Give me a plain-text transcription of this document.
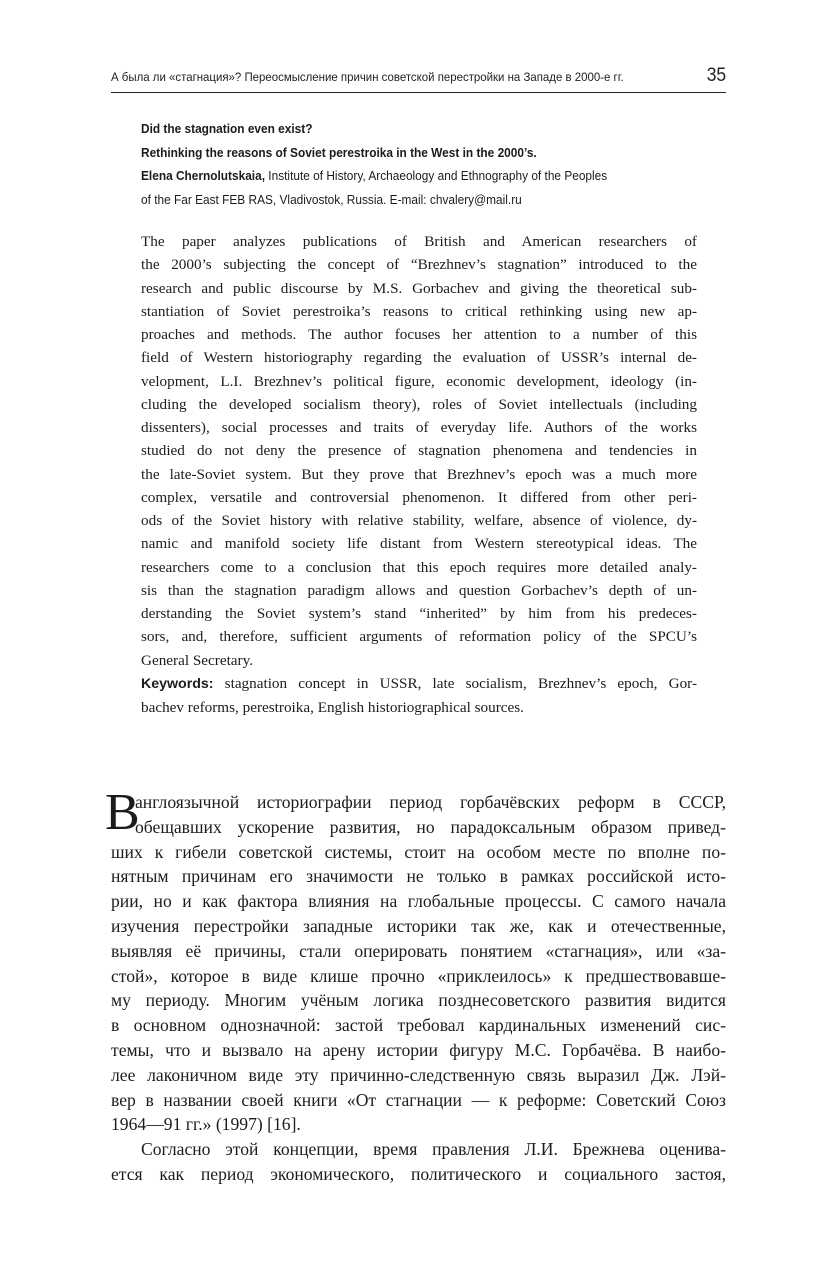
А была ли «стагнация»? Переосмысление причин советской перестройки на Западе в 2000-е гг.	35
Did the stagnation even exist?
Rethinking the reasons of Soviet perestroika in the West in the 2000’s.
Elena Chernolutskaia, Institute of History, Archaeology and Ethnography of the Peoples
of the Far East FEB RAS, Vladivostok, Russia. E-mail: chvalery@mail.ru
The paper analyzes publications of British and American researchers of
the 2000’s subjecting the concept of “Brezhnev’s stagnation” introduced to the
research and public discourse by M.S. Gorbachev and giving the theoretical sub-
stantiation of Soviet perestroika’s reasons to critical rethinking using new ap-
proaches and methods. The author focuses her attention to a number of this
field of Western historiography regarding the evaluation of USSR’s internal de-
velopment, L.I. Brezhnev’s political figure, economic development, ideology (in-
cluding the developed socialism theory), roles of Soviet intellectuals (including
dissenters), social processes and traits of everyday life. Authors of the works
studied do not deny the presence of stagnation phenomena and tendencies in
the late-Soviet system. But they prove that Brezhnev’s epoch was a much more
complex, versatile and controversial phenomenon. It differed from other peri-
ods of the Soviet history with relative stability, welfare, absence of violence, dy-
namic and manifold society life distant from Western stereotypical ideas. The
researchers come to a conclusion that this epoch requires more detailed analy-
sis than the stagnation paradigm allows and question Gorbachev’s depth of un-
derstanding the Soviet system’s stand “inherited” by him from his predeces-
sors, and, therefore, sufficient arguments of reformation policy of the SPCU’s
General Secretary.
Keywords: stagnation concept in USSR, late socialism, Brezhnev’s epoch, Gor-
bachev reforms, perestroika, English historiographical sources.
В
англоязычной историографии период горбачёвских реформ в СССР,
обещавших ускорение развития, но парадоксальным образом привед-
ших к гибели советской системы, стоит на особом месте по вполне по-
нятным причинам его значимости не только в рамках российской исто-
рии, но и как фактора влияния на глобальные процессы. С самого начала
изучения перестройки западные историки так же, как и отечественные,
выявляя её причины, стали оперировать понятием «стагнация», или «за-
стой», которое в виде клише прочно «приклеилось» к предшествовавше-
му периоду. Многим учёным логика позднесоветского развития видится
в основном однозначной: застой требовал кардинальных изменений сис-
темы, что и вызвало на арену истории фигуру М.С. Горбачёва. В наибо-
лее лаконичном виде эту причинно-следственную связь выразил Дж. Лэй-
вер в названии своей книги «От стагнации — к реформе: Советский Союз
1964—91 гг.» (1997) [16].
Согласно этой концепции, время правления Л.И. Брежнева оценива-
ется как период экономического, политического и социального застоя,
